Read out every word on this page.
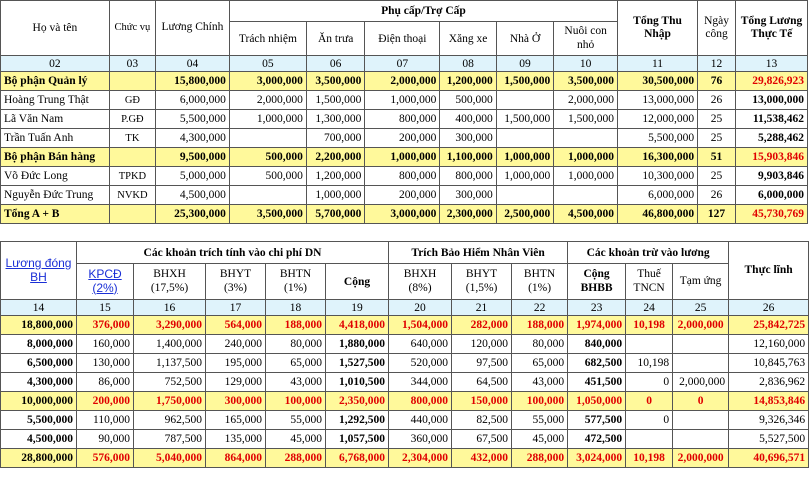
Họ và tên	Chức vụ	Lương Chính	Phụ cấp/Trợ Cấp						Tổng Thu Nhập	Ngày công	Tổng Lương Thực Tế
			Trách nhiệm	Ăn trưa	Điện thoại	Xăng xe	Nhà Ở	Nuôi con nhỏ			
02	03	04	05	06	07	08	09	10	11	12	13
Bộ phận Quản lý		15,800,000	3,000,000	3,500,000	2,000,000	1,200,000	1,500,000	3,500,000	30,500,000	76	29,826,923
Hoàng Trung Thật	GĐ	6,000,000	2,000,000	1,500,000	1,000,000	500,000		2,000,000	13,000,000	26	13,000,000
Lã Văn Nam	P.GĐ	5,500,000	1,000,000	1,300,000	800,000	400,000	1,500,000	1,500,000	12,000,000	25	11,538,462
Trần Tuấn Anh	TK	4,300,000		700,000	200,000	300,000			5,500,000	25	5,288,462
Bộ phận Bán hàng		9,500,000	500,000	2,200,000	1,000,000	1,100,000	1,000,000	1,000,000	16,300,000	51	15,903,846
Võ Đức Long	TPKD	5,000,000	500,000	1,200,000	800,000	800,000	1,000,000	1,000,000	10,300,000	25	9,903,846
Nguyễn Đức Trung	NVKD	4,500,000		1,000,000	200,000	300,000			6,000,000	26	6,000,000
Tổng A + B		25,300,000	3,500,000	5,700,000	3,000,000	2,300,000	2,500,000	4,500,000	46,800,000	127	45,730,769
Lương đóng BH	Các khoản trích tính vào chi phí DN					Trích Bảo Hiểm Nhân Viên			Các khoản trừ vào lương			Thực lĩnh
	KPCĐ (2%)	BHXH (17,5%)	BHYT (3%)	BHTN (1%)	Cộng	BHXH (8%)	BHYT (1,5%)	BHTN (1%)	Cộng BHBB	Thuế TNCN	Tạm ứng	
14	15	16	17	18	19	20	21	22	23	24	25	26
18,800,000	376,000	3,290,000	564,000	188,000	4,418,000	1,504,000	282,000	188,000	1,974,000	10,198	2,000,000	25,842,725
8,000,000	160,000	1,400,000	240,000	80,000	1,880,000	640,000	120,000	80,000	840,000			12,160,000
6,500,000	130,000	1,137,500	195,000	65,000	1,527,500	520,000	97,500	65,000	682,500	10,198		10,845,763
4,300,000	86,000	752,500	129,000	43,000	1,010,500	344,000	64,500	43,000	451,500	0	2,000,000	2,836,962
10,000,000	200,000	1,750,000	300,000	100,000	2,350,000	800,000	150,000	100,000	1,050,000	0	0	14,853,846
5,500,000	110,000	962,500	165,000	55,000	1,292,500	440,000	82,500	55,000	577,500	0		9,326,346
4,500,000	90,000	787,500	135,000	45,000	1,057,500	360,000	67,500	45,000	472,500			5,527,500
28,800,000	576,000	5,040,000	864,000	288,000	6,768,000	2,304,000	432,000	288,000	3,024,000	10,198	2,000,000	40,696,571
